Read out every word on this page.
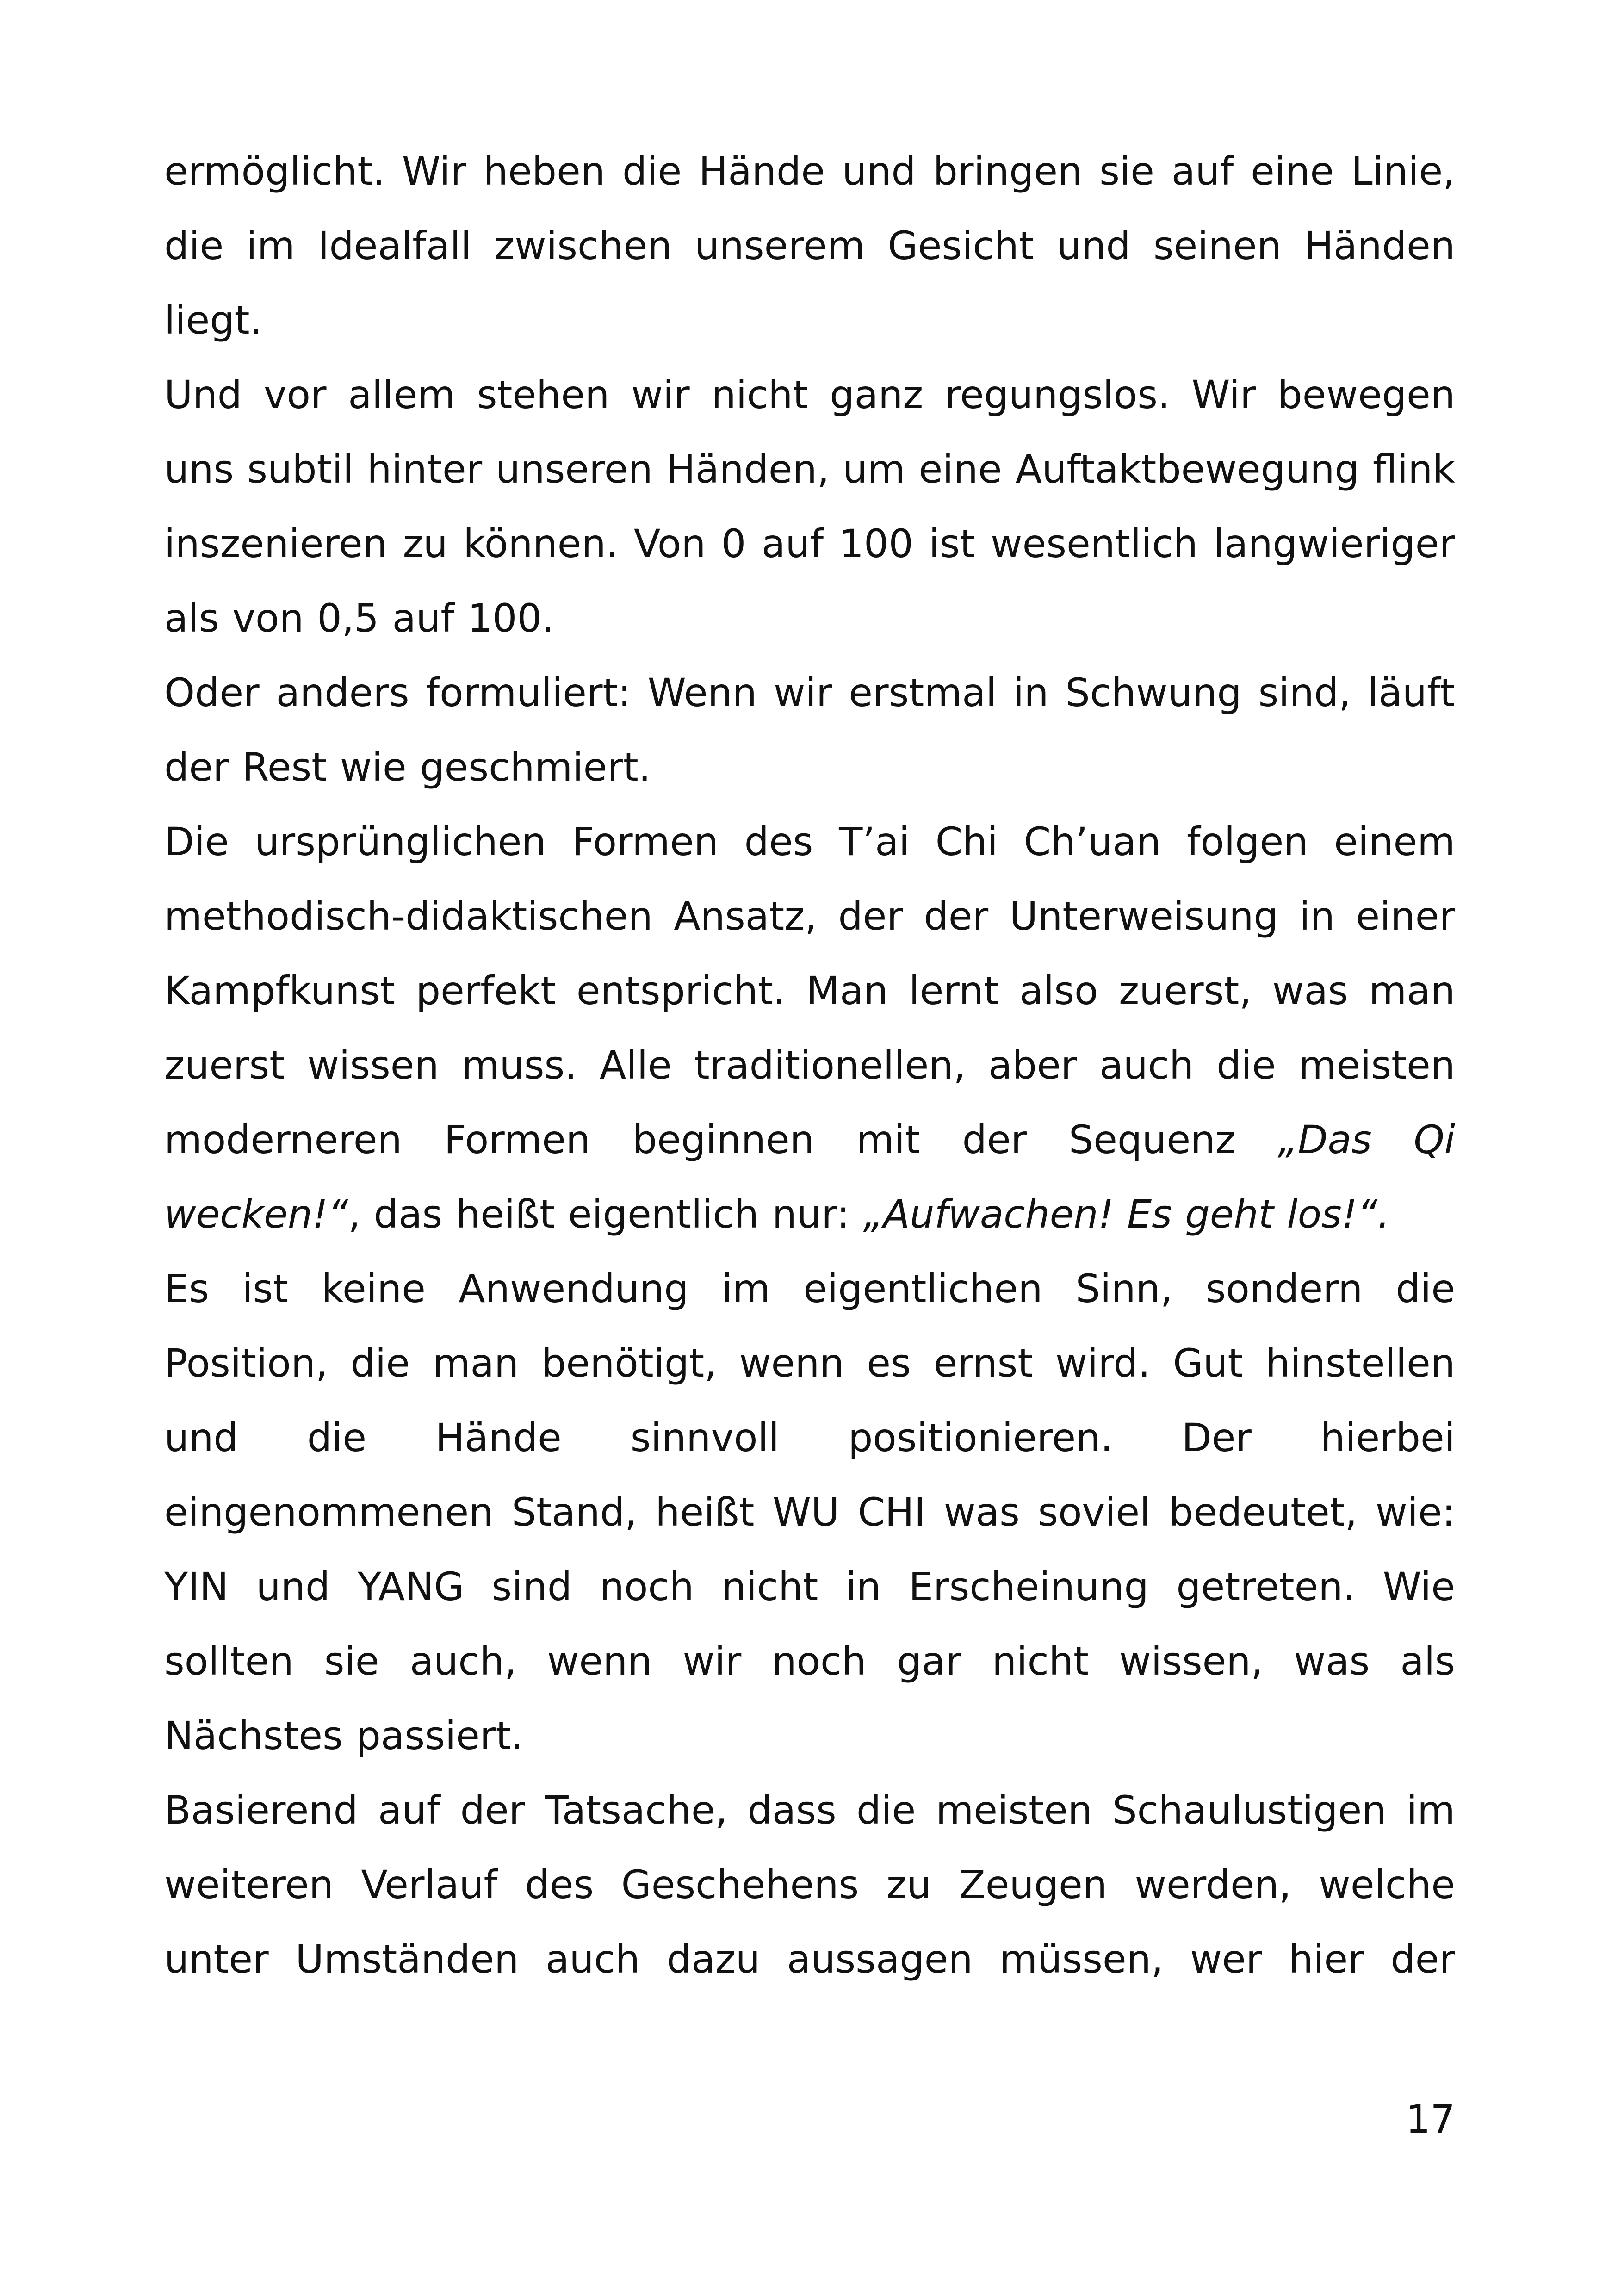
ermöglicht. Wir heben die Hände und bringen sie auf eine Linie, die im Idealfall zwischen unserem Gesicht und seinen Händen liegt.

Und vor allem stehen wir nicht ganz regungslos. Wir bewegen uns subtil hinter unseren Händen, um eine Auftaktbewegung flink inszenieren zu können. Von 0 auf 100 ist wesentlich langwieriger als von 0,5 auf 100.

Oder anders formuliert: Wenn wir erstmal in Schwung sind, läuft der Rest wie geschmiert.

Die ursprünglichen Formen des T’ai Chi Ch’uan folgen einem methodisch-didaktischen Ansatz, der der Unterweisung in einer Kampfkunst perfekt entspricht. Man lernt also zuerst, was man zuerst wissen muss. Alle traditionellen, aber auch die meisten moderneren Formen beginnen mit der Sequenz „Das Qi wecken!“, das heißt eigentlich nur: „Aufwachen! Es geht los!“.

Es ist keine Anwendung im eigentlichen Sinn, sondern die Position, die man benötigt, wenn es ernst wird. Gut hinstellen und die Hände sinnvoll positionieren. Der hierbei eingenommenen Stand, heißt WU CHI was soviel bedeutet, wie: YIN und YANG sind noch nicht in Erscheinung getreten. Wie sollten sie auch, wenn wir noch gar nicht wissen, was als Nächstes passiert.

Basierend auf der Tatsache, dass die meisten Schaulustigen im weiteren Verlauf des Geschehens zu Zeugen werden, welche unter Umständen auch dazu aussagen müssen, wer hier der

17
